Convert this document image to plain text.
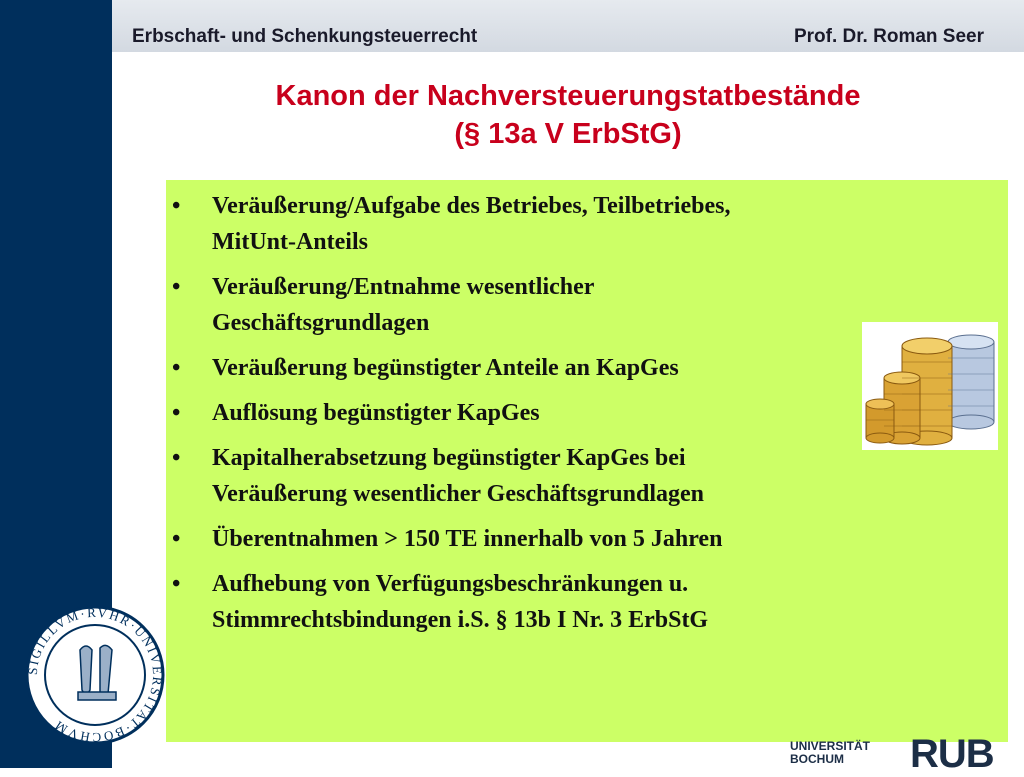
SIGILLVM·RVHR·UNIVERSITAT·BOCHVM
Erbschaft- und Schenkungsteuerrecht	Prof. Dr. Roman Seer
Kanon der Nachversteuerungstatbestände
(§ 13a V ErbStG)
• Veräußerung/Aufgabe des Betriebes, Teilbetriebes,
MitUnt-Anteils
• Veräußerung/Entnahme wesentlicher
Geschäftsgrundlagen
• Veräußerung begünstigter Anteile an KapGes
• Auflösung begünstigter KapGes
• Kapitalherabsetzung begünstigter KapGes bei
Veräußerung wesentlicher Geschäftsgrundlagen
• Überentnahmen > 150 TE innerhalb von 5 Jahren
• Aufhebung von Verfügungsbeschränkungen u.
Stimmrechtsbindungen i.S. § 13b I Nr. 3 ErbStG
UNIVERSITÄT
BOCHUM	RUB
